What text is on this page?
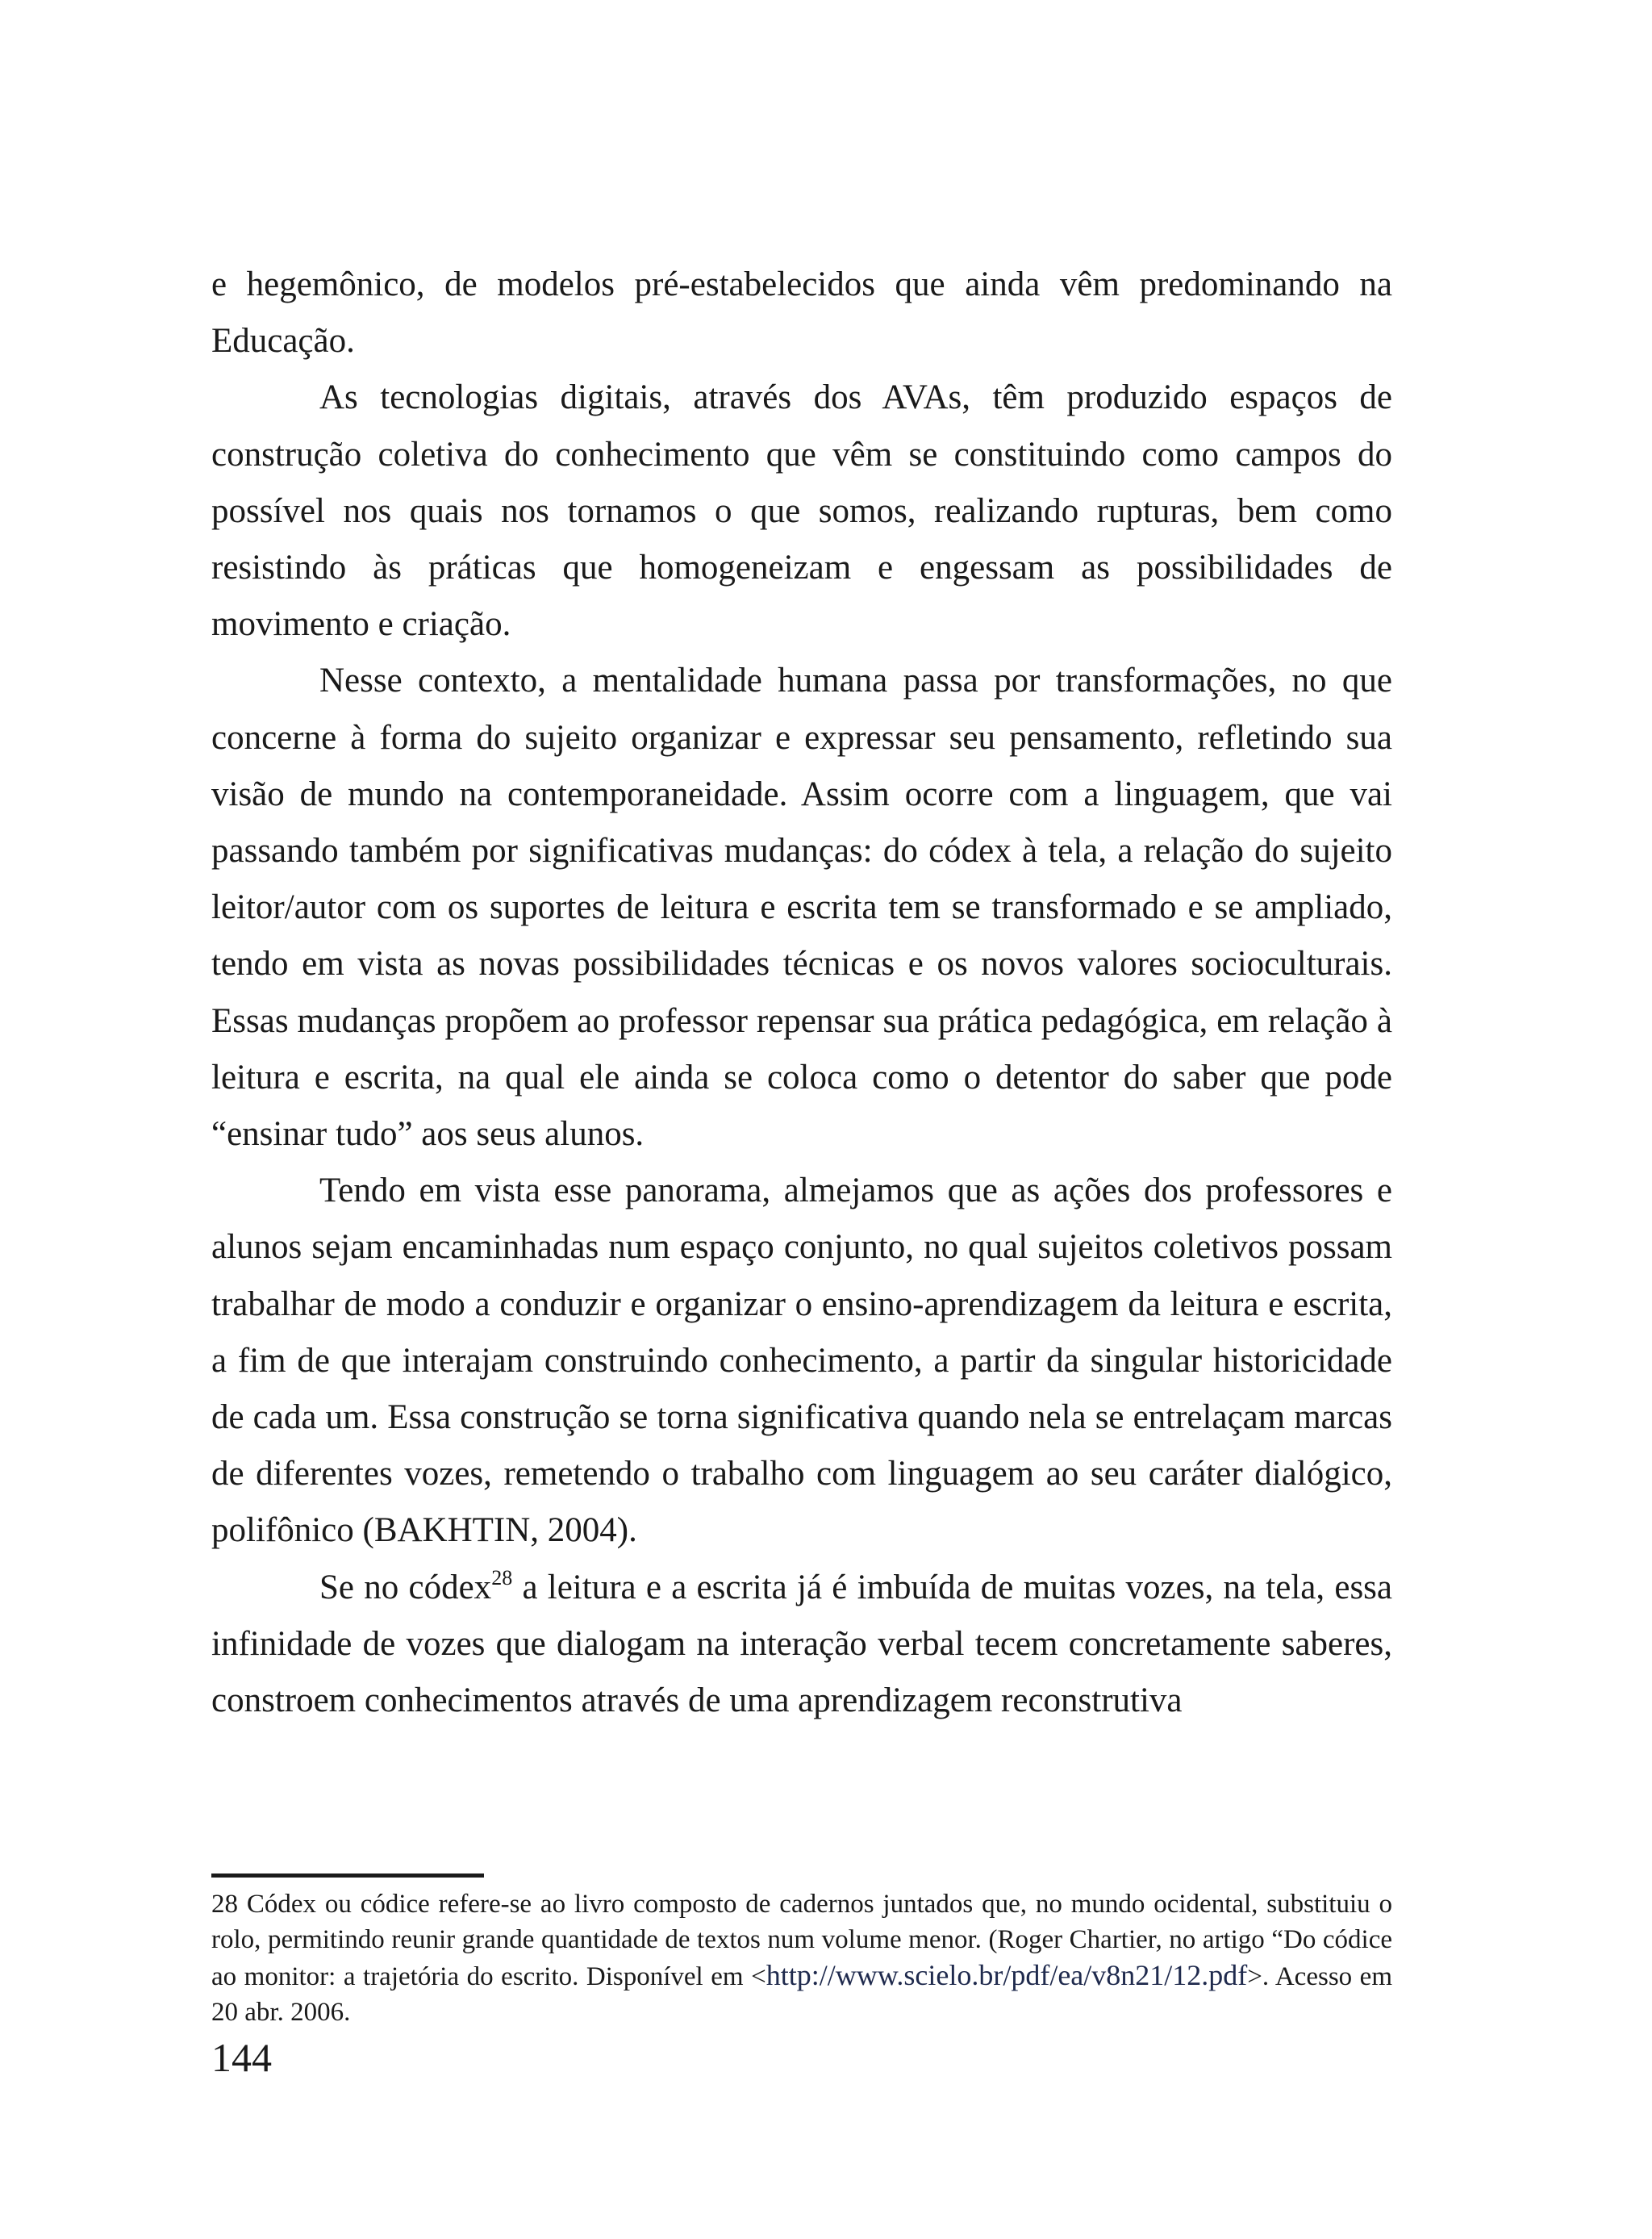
e hegemônico, de modelos pré-estabelecidos que ainda vêm predominando na Educação.

As tecnologias digitais, através dos AVAs, têm produzido espaços de construção coletiva do conhecimento que vêm se constituindo como campos do possível nos quais nos tornamos o que somos, realizando rupturas, bem como resistindo às práticas que homogeneizam e engessam as possibilidades de movimento e criação.

Nesse contexto, a mentalidade humana passa por transformações, no que concerne à forma do sujeito organizar e expressar seu pensamento, refletindo sua visão de mundo na contemporaneidade. Assim ocorre com a linguagem, que vai passando também por significativas mudanças: do códex à tela, a relação do sujeito leitor/autor com os suportes de leitura e escrita tem se transformado e se ampliado, tendo em vista as novas possibilidades técnicas e os novos valores socioculturais. Essas mudanças propõem ao professor repensar sua prática pedagógica, em relação à leitura e escrita, na qual ele ainda se coloca como o detentor do saber que pode “ensinar tudo” aos seus alunos.

Tendo em vista esse panorama, almejamos que as ações dos professores e alunos sejam encaminhadas num espaço conjunto, no qual sujeitos coletivos possam trabalhar de modo a conduzir e organizar o ensino-aprendizagem da leitura e escrita, a fim de que interajam construindo conhecimento, a partir da singular historicidade de cada um. Essa construção se torna significativa quando nela se entrelaçam marcas de diferentes vozes, remetendo o trabalho com linguagem ao seu caráter dialógico, polifônico (BAKHTIN, 2004).

Se no códex$^{28}$ a leitura e a escrita já é imbuída de muitas vozes, na tela, essa infinidade de vozes que dialogam na interação verbal tecem concretamente saberes, constroem conhecimentos através de uma aprendizagem reconstrutiva

28 Códex ou códice refere-se ao livro composto de cadernos juntados que, no mundo ocidental, substituiu o rolo, permitindo reunir grande quantidade de textos num volume menor. (Roger Chartier, no artigo “Do códice ao monitor: a trajetória do escrito. Disponível em <http://www.scielo.br/pdf/ea/v8n21/12.pdf>. Acesso em 20 abr. 2006.
144
